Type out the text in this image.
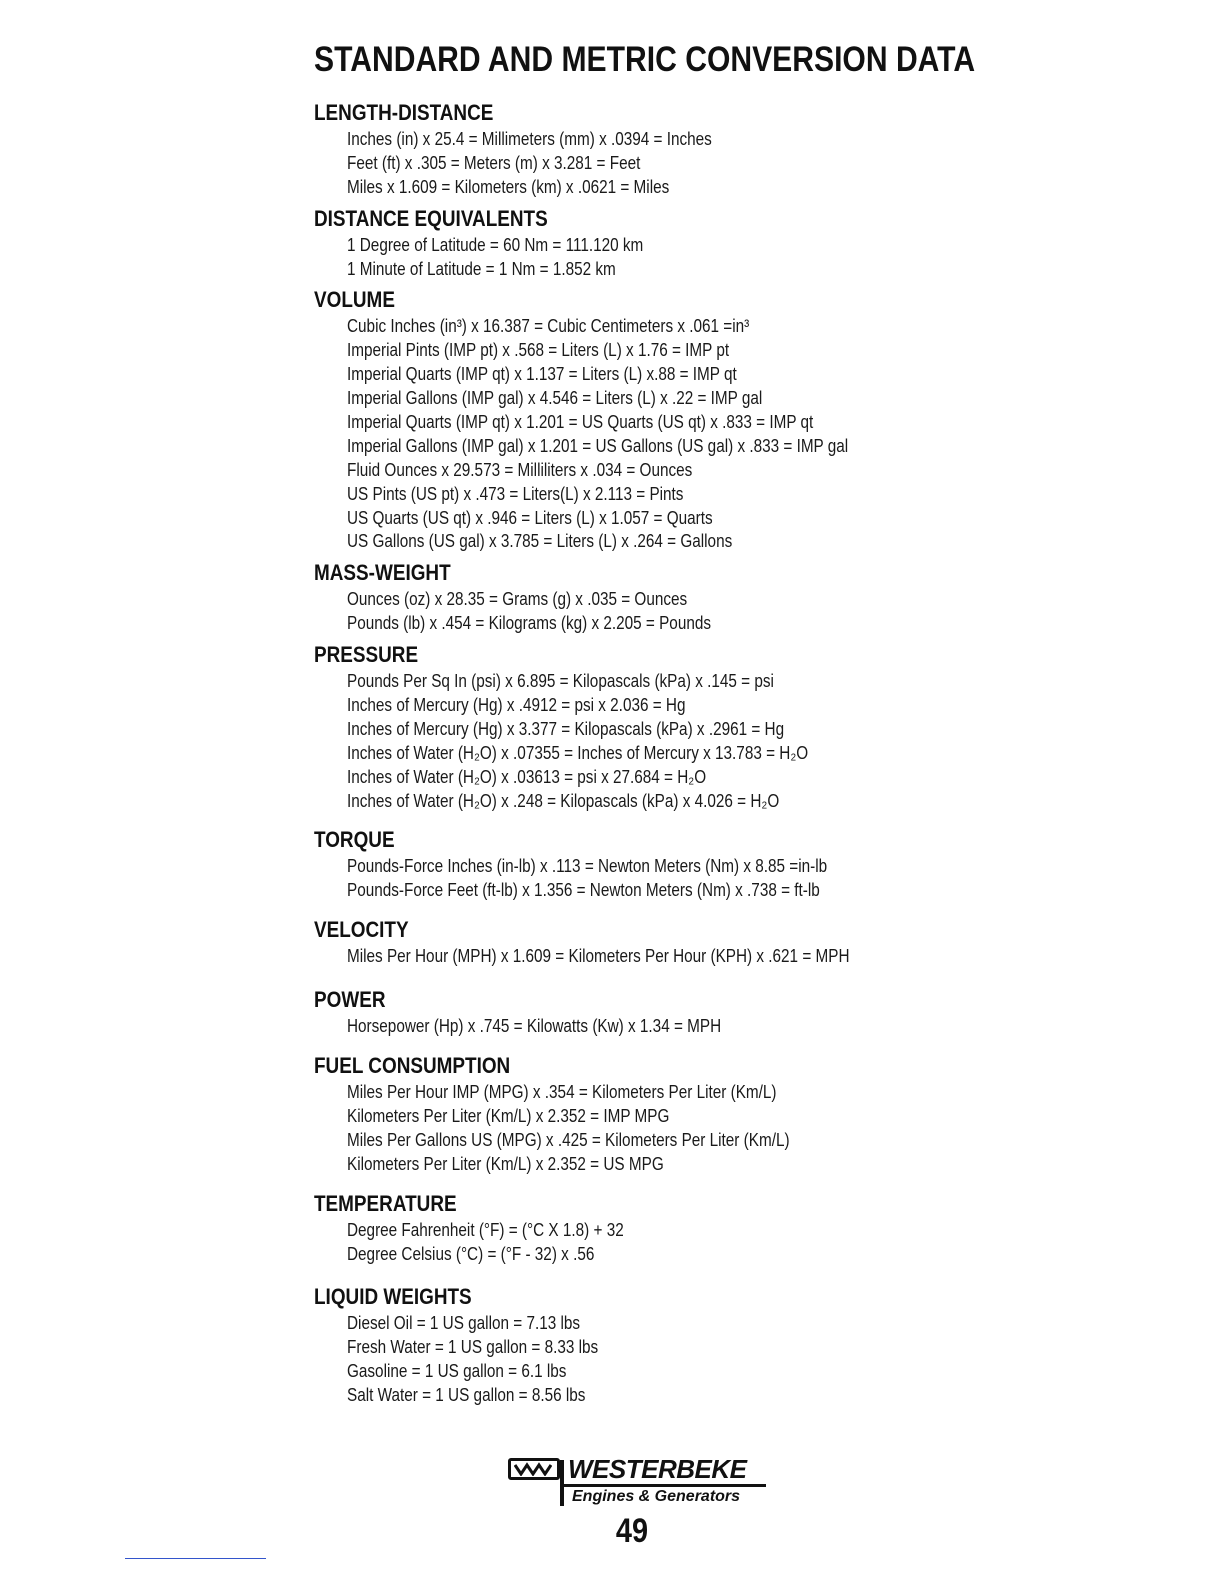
STANDARD AND METRIC CONVERSION DATA
LENGTH-DISTANCE
Inches (in) x 25.4 = Millimeters (mm) x .0394 = Inches
Feet (ft) x .305 = Meters (m) x 3.281 = Feet
Miles x 1.609 = Kilometers (km) x .0621 = Miles
DISTANCE EQUIVALENTS
1 Degree of Latitude = 60 Nm = 111.120 km
1 Minute of Latitude = 1 Nm = 1.852 km
VOLUME
Cubic Inches (in³) x 16.387 = Cubic Centimeters x .061 =in³
Imperial Pints (IMP pt) x .568 = Liters (L) x 1.76 = IMP pt
Imperial Quarts (IMP qt) x 1.137 = Liters (L) x.88 = IMP qt
Imperial Gallons (IMP gal) x 4.546 = Liters (L) x .22 = IMP gal
Imperial Quarts (IMP qt) x 1.201 = US Quarts (US qt) x .833 = IMP qt
Imperial Gallons (IMP gal) x 1.201 = US Gallons (US gal) x .833 = IMP gal
Fluid Ounces x 29.573 = Milliliters x .034 = Ounces
US Pints (US pt) x .473 = Liters(L) x 2.113 = Pints
US Quarts (US qt) x .946 = Liters (L) x 1.057 = Quarts
US Gallons (US gal) x 3.785 = Liters (L) x .264 = Gallons
MASS-WEIGHT
Ounces (oz) x 28.35 = Grams (g) x .035 = Ounces
Pounds (lb) x .454 = Kilograms (kg) x 2.205 = Pounds
PRESSURE
Pounds Per Sq In (psi) x 6.895 = Kilopascals (kPa) x .145 = psi
Inches of Mercury (Hg) x .4912 = psi x 2.036 = Hg
Inches of Mercury (Hg) x 3.377 = Kilopascals (kPa) x .2961 = Hg
Inches of Water (H₂O) x .07355 = Inches of Mercury x 13.783 = H₂O
Inches of Water (H₂O) x .03613 = psi x 27.684 = H₂O
Inches of Water (H₂O) x .248 = Kilopascals (kPa) x 4.026 = H₂O
TORQUE
Pounds-Force Inches (in-lb) x .113 = Newton Meters (Nm) x 8.85 =in-lb
Pounds-Force Feet (ft-lb) x 1.356 = Newton Meters (Nm) x .738 = ft-lb
VELOCITY
Miles Per Hour (MPH) x 1.609 = Kilometers Per Hour (KPH) x .621 = MPH
POWER
Horsepower (Hp) x .745 = Kilowatts (Kw) x 1.34 = MPH
FUEL CONSUMPTION
Miles Per Hour IMP (MPG) x .354 = Kilometers Per Liter (Km/L)
Kilometers Per Liter (Km/L) x 2.352 = IMP MPG
Miles Per Gallons US (MPG) x .425 = Kilometers Per Liter (Km/L)
Kilometers Per Liter (Km/L) x 2.352 = US MPG
TEMPERATURE
Degree Fahrenheit (°F) = (°C X 1.8) + 32
Degree Celsius (°C) = (°F - 32) x .56
LIQUID WEIGHTS
Diesel Oil = 1 US gallon = 7.13 lbs
Fresh Water = 1 US gallon = 8.33 lbs
Gasoline = 1 US gallon = 6.1 lbs
Salt Water = 1 US gallon = 8.56 lbs
WESTERBEKE
Engines & Generators
49
